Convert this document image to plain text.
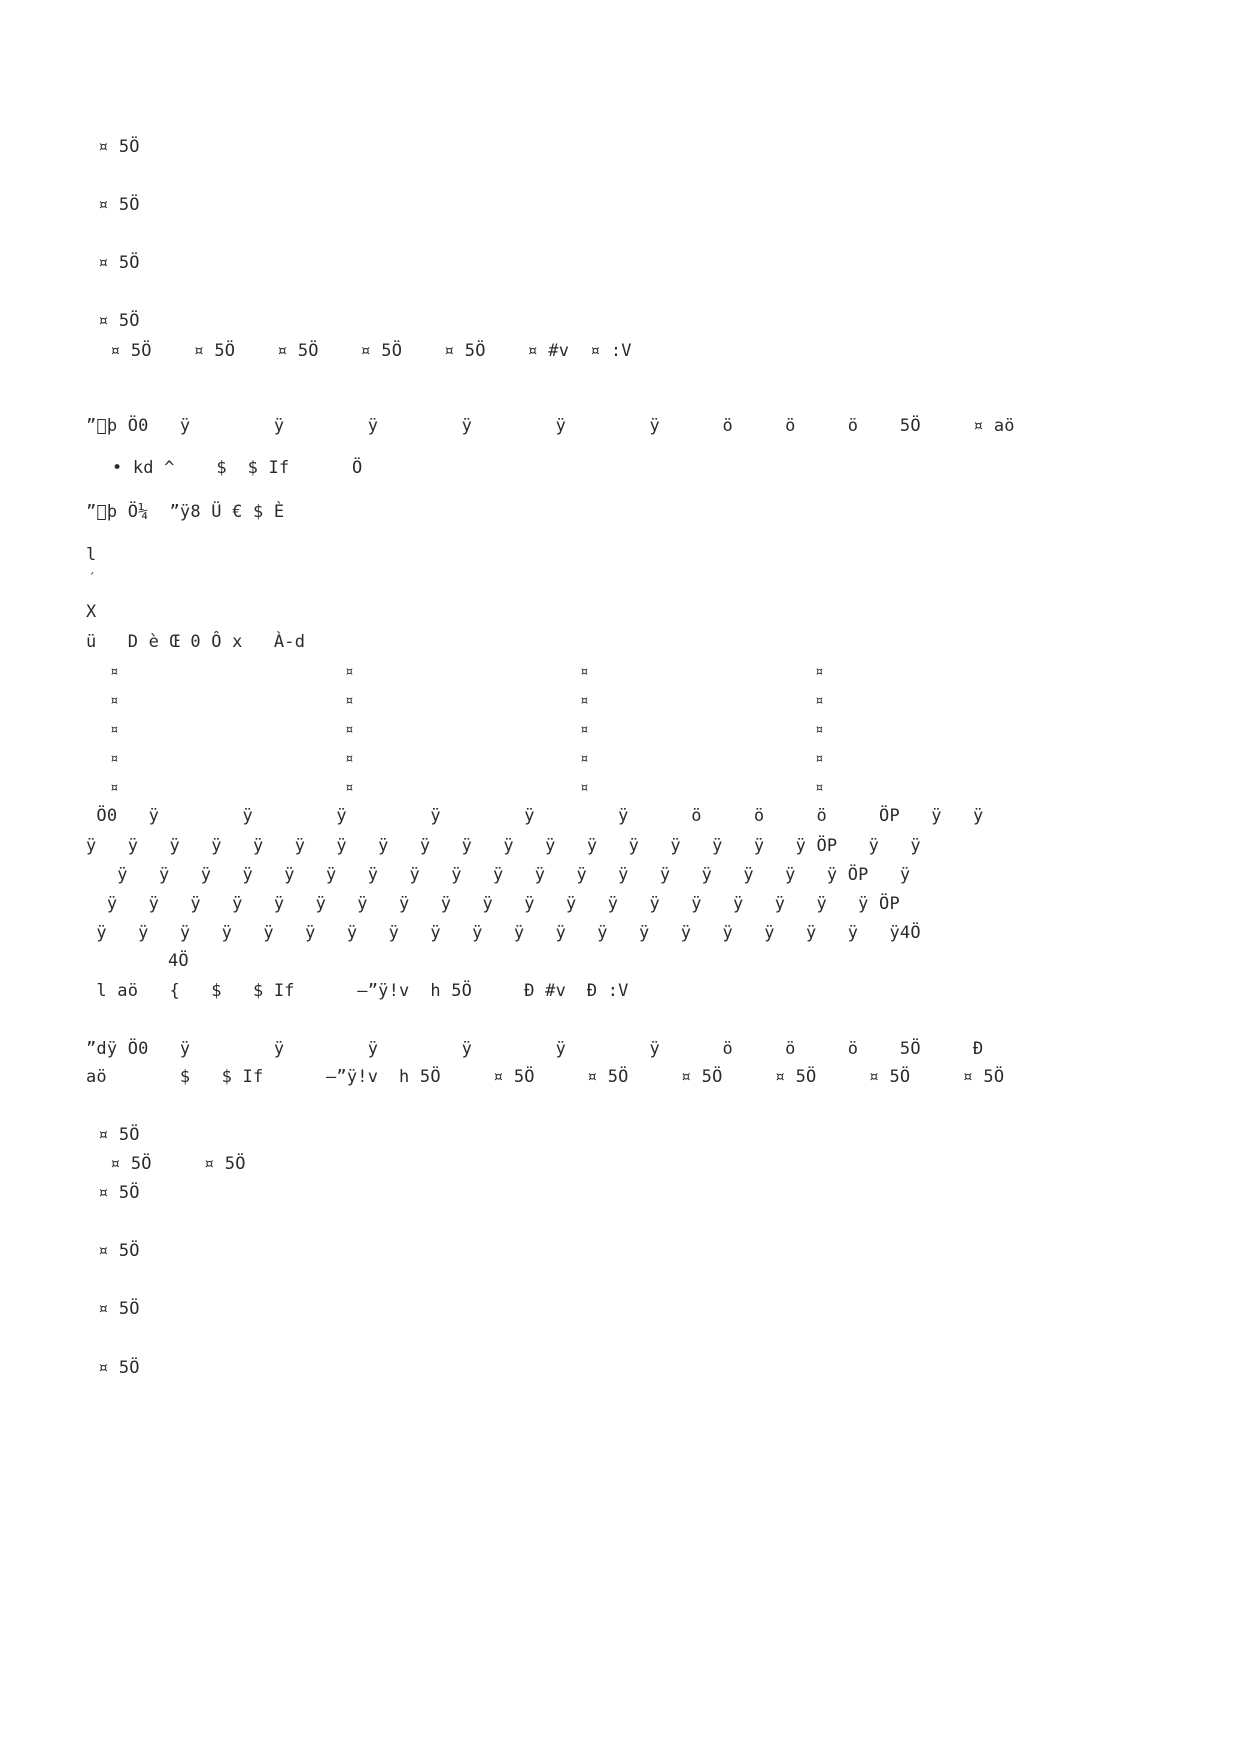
¤ 5Ö
¤ 5Ö
¤ 5Ö
¤ 5Ö
¤ 5Ö    ¤ 5Ö    ¤ 5Ö    ¤ 5Ö    ¤ 5Ö    ¤ #v  ¤ :V
” þ Ö0   ÿ        ÿ        ÿ        ÿ        ÿ        ÿ      ö     ö     ö    5Ö     ¤ aö
• kd ^    $  $ If      Ö
” þ Ö¼  ”ÿ8 Ü € $ È
l
´
X
ü   D è Œ 0 Ô x   À-d
¤	¤	¤	¤
¤	¤	¤	¤
¤	¤	¤	¤
¤	¤	¤	¤
¤	¤	¤	¤
Ö0   ÿ        ÿ        ÿ        ÿ        ÿ        ÿ      ö     ö     ö     ÖP   ÿ   ÿ
ÿ   ÿ   ÿ   ÿ   ÿ   ÿ   ÿ   ÿ   ÿ   ÿ   ÿ   ÿ   ÿ   ÿ   ÿ   ÿ   ÿ   ÿ ÖP   ÿ   ÿ
ÿ   ÿ   ÿ   ÿ   ÿ   ÿ   ÿ   ÿ   ÿ   ÿ   ÿ   ÿ   ÿ   ÿ   ÿ   ÿ   ÿ   ÿ ÖP   ÿ
ÿ   ÿ   ÿ   ÿ   ÿ   ÿ   ÿ   ÿ   ÿ   ÿ   ÿ   ÿ   ÿ   ÿ   ÿ   ÿ   ÿ   ÿ   ÿ ÖP
ÿ   ÿ   ÿ   ÿ   ÿ   ÿ   ÿ   ÿ   ÿ   ÿ   ÿ   ÿ   ÿ   ÿ   ÿ   ÿ   ÿ   ÿ   ÿ   ÿ4Ö
4Ö
l aö   {   $   $ If      –”ÿ!v  h 5Ö     Ð #v  Ð :V
”dÿ Ö0   ÿ        ÿ        ÿ        ÿ        ÿ        ÿ      ö     ö     ö    5Ö     Ð
aö       $   $ If      –”ÿ!v  h 5Ö     ¤ 5Ö     ¤ 5Ö     ¤ 5Ö     ¤ 5Ö     ¤ 5Ö     ¤ 5Ö
¤ 5Ö
¤ 5Ö     ¤ 5Ö
¤ 5Ö
¤ 5Ö
¤ 5Ö
¤ 5Ö
